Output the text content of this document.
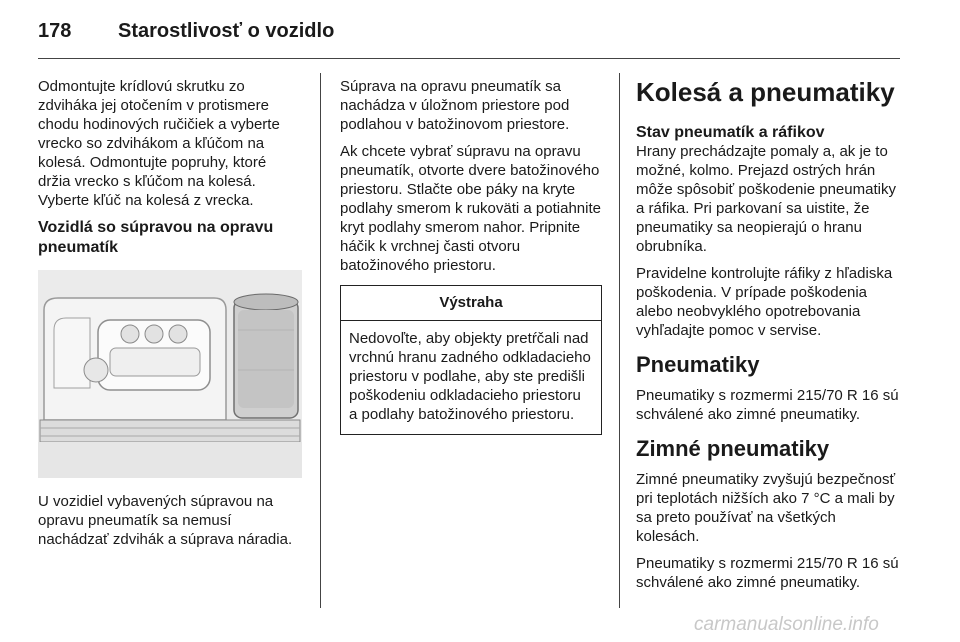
178 Starostlivosť o vozidlo

Odmontujte krídlovú skrutku zo zdviháka jej otočením v protismere chodu hodinových ručičiek a vyberte vrecko so zdvihákom a kľúčom na kolesá. Odmontujte popruhy, ktoré držia vrecko s kľúčom na kolesá. Vyberte kľúč na kolesá z vrecka.

Vozidlá so súpravou na opravu pneumatík

U vozidiel vybavených súpravou na opravu pneumatík sa nemusí nachádzať zdvihák a súprava náradia.

Súprava na opravu pneumatík sa nachádza v úložnom priestore pod podlahou v batožinovom priestore.

Ak chcete vybrať súpravu na opravu pneumatík, otvorte dvere batožinového priestoru. Stlačte obe páky na kryte podlahy smerom k rukoväti a potiahnite kryt podlahy smerom nahor. Pripnite háčik k vrchnej časti otvoru batožinového priestoru.

Výstraha
Nedovoľte, aby objekty pretŕčali nad vrchnú hranu zadného odkladacieho priestoru v podlahe, aby ste predišli poškodeniu odkladacieho priestoru a podlahy batožinového priestoru.
Kolesá a pneumatiky
Stav pneumatík a ráfikov

Hrany prechádzajte pomaly a, ak je to možné, kolmo. Prejazd ostrých hrán môže spôsobiť poškodenie pneumatiky a ráfika. Pri parkovaní sa uistite, že pneumatiky sa neopierajú o hranu obrubníka.

Pravidelne kontrolujte ráfiky z hľadiska poškodenia. V prípade poškodenia alebo neobvyklého opotrebovania vyhľadajte pomoc v servise.

Pneumatiky

Pneumatiky s rozmermi 215/70 R 16 sú schválené ako zimné pneumatiky.

Zimné pneumatiky

Zimné pneumatiky zvyšujú bezpečnosť pri teplotách nižších ako 7 °C a mali by sa preto používať na všetkých kolesách.

Pneumatiky s rozmermi 215/70 R 16 sú schválené ako zimné pneumatiky.

carmanualsonline.info
